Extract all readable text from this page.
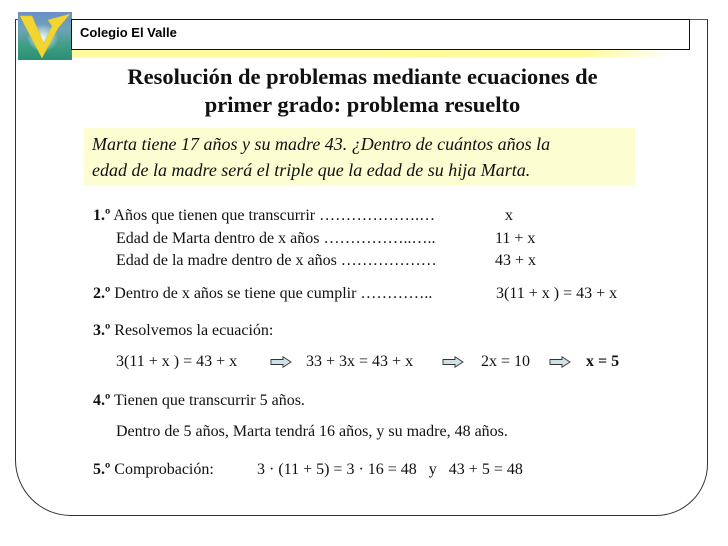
Colegio El Valle
Resolución de problemas mediante ecuaciones de
primer grado: problema resuelto
Marta tiene 17 años y su madre 43. ¿Dentro de cuántos años la
edad de la madre será el triple que la edad de su hija Marta.
1.º Años que tienen que transcurrir ……………….…	x
Edad de Marta dentro de x años ……………..…..	11 + x
Edad de la madre dentro de x años ………………	43 + x
2.º Dentro de x años se tiene que cumplir …………..	3(11 + x ) = 43 + x
3.º Resolvemos la ecuación:
3(11 + x ) = 43 + x	33 + 3x = 43 + x	2x = 10	x = 5
4.º Tienen que transcurrir 5 años.
Dentro de 5 años, Marta tendrá 16 años, y su madre, 48 años.
5.º Comprobación:	3 · (11 + 5) = 3 · 16 = 48   y   43 + 5 = 48
